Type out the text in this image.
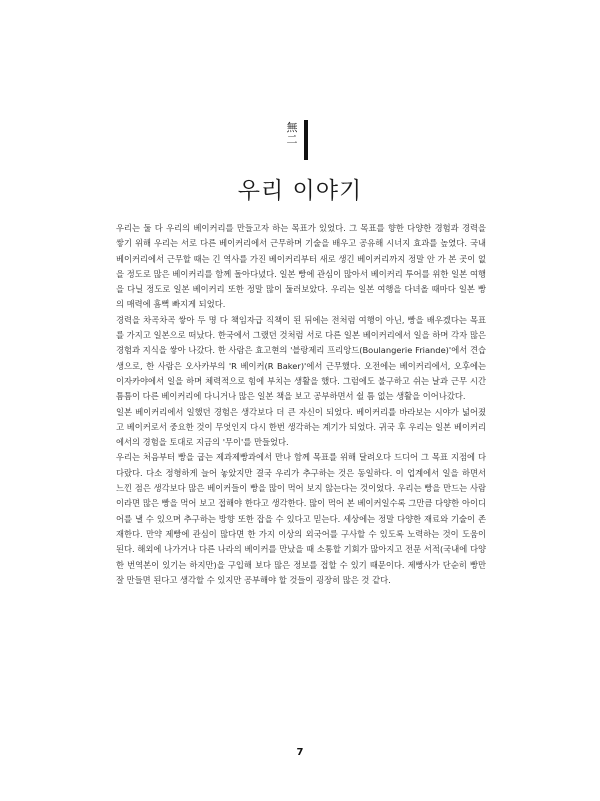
無
二
우리 이야기

우리는 둘 다 우리의 베이커리를 만들고자 하는 목표가 있었다. 그 목표를 향한 다양한 경험과 경력을 쌓기 위해 우리는 서로 다른 베이커리에서 근무하며 기술을 배우고 공유해 시너지 효과를 높였다. 국내 베이커리에서 근무할 때는 긴 역사를 가진 베이커리부터 새로 생긴 베이커리까지 정말 안 가 본 곳이 없을 정도로 많은 베이커리를 함께 돌아다녔다. 일본 빵에 관심이 많아서 베이커리 투어를 위한 일본 여행을 다닐 정도로 일본 베이커리 또한 정말 많이 둘러보았다. 우리는 일본 여행을 다녀올 때마다 일본 빵의 매력에 흠뻑 빠지게 되었다.

경력을 차곡차곡 쌓아 두 명 다 책임자급 직책이 된 뒤에는 전처럼 여행이 아닌, 빵을 배우겠다는 목표를 가지고 일본으로 떠났다. 한국에서 그랬던 것처럼 서로 다른 일본 베이커리에서 일을 하며 각자 많은 경험과 지식을 쌓아 나갔다. 한 사람은 효고현의 '블랑제리 프리앙드(Boulangerie Friande)'에서 견습생으로, 한 사람은 오사카부의 'R 베이커(R Baker)'에서 근무했다. 오전에는 베이커리에서, 오후에는 이자카야에서 일을 하며 체력적으로 힘에 부치는 생활을 했다. 그럼에도 불구하고 쉬는 날과 근무 시간 틈틈이 다른 베이커리에 다니거나 많은 일본 책을 보고 공부하면서 쉴 틈 없는 생활을 이어나갔다.

일본 베이커리에서 일했던 경험은 생각보다 더 큰 자신이 되었다. 베이커리를 바라보는 시야가 넓어졌고 베이커로서 중요한 것이 무엇인지 다시 한번 생각하는 계기가 되었다. 귀국 후 우리는 일본 베이커리에서의 경험을 토대로 지금의 '무이'를 만들었다.

우리는 처음부터 빵을 굽는 제과제빵과에서 만나 함께 목표를 위해 달려오다 드디어 그 목표 지점에 다다랐다. 다소 정형하게 늘어 놓았지만 결국 우리가 추구하는 것은 동일하다. 이 업계에서 일을 하면서 느낀 점은 생각보다 많은 베이커들이 빵을 많이 먹어 보지 않는다는 것이었다. 우리는 빵을 만드는 사람이라면 많은 빵을 먹어 보고 접해야 한다고 생각한다. 많이 먹어 본 베이커일수록 그만큼 다양한 아이디어를 낼 수 있으며 추구하는 방향 또한 잡을 수 있다고 믿는다. 세상에는 정말 다양한 재료와 기술이 존재한다. 만약 제빵에 관심이 많다면 한 가지 이상의 외국어를 구사할 수 있도록 노력하는 것이 도움이 된다. 해외에 나가거나 다른 나라의 베이커를 만났을 때 소통할 기회가 많아지고 전문 서적(국내에 다양한 번역본이 있기는 하지만)을 구입해 보다 많은 정보를 접할 수 있기 때문이다. 제빵사가 단순히 빵만 잘 만들면 된다고 생각할 수 있지만 공부해야 할 것들이 굉장히 많은 것 같다.

7
